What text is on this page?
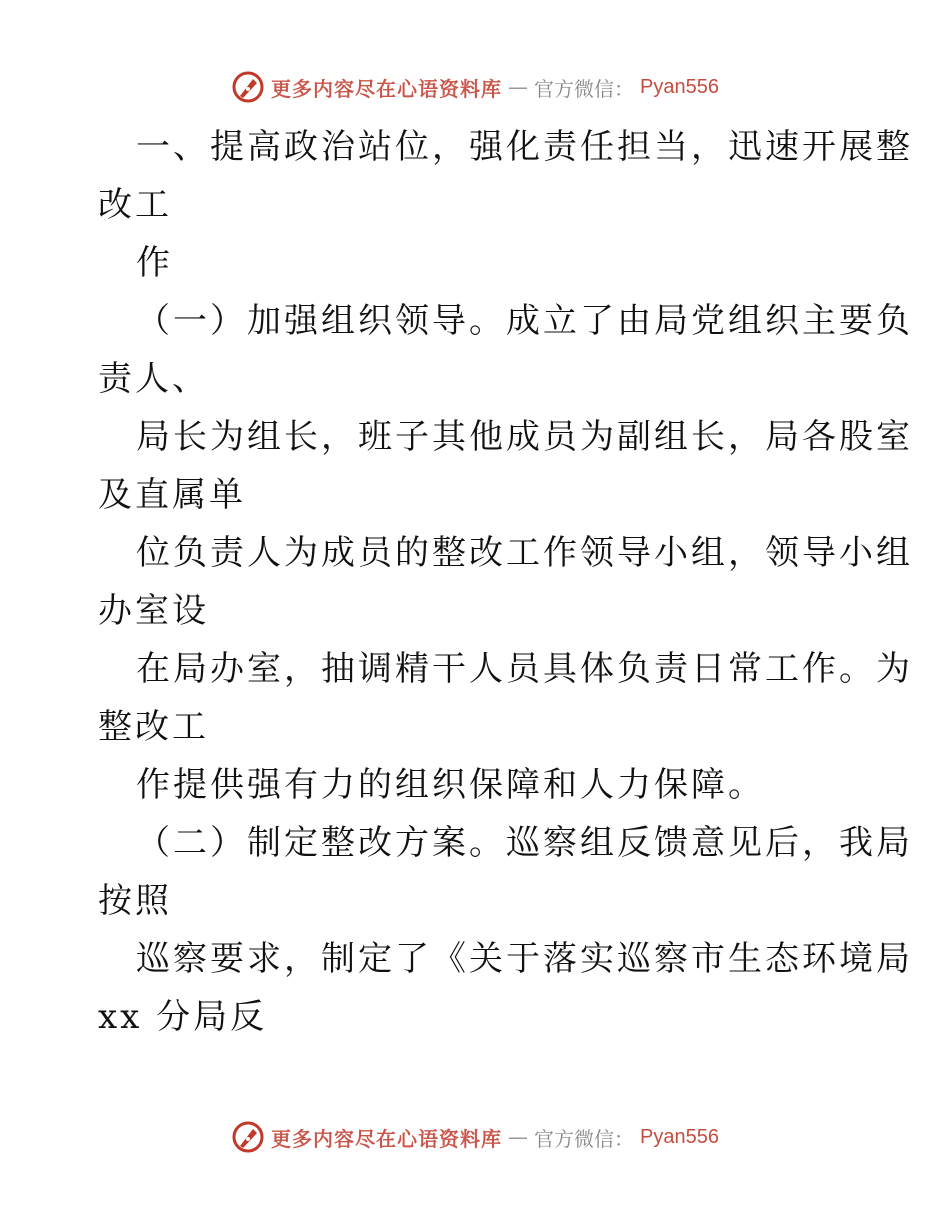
更多内容尽在心语资料库 — 官方微信： Pyan556
一、提高政治站位，强化责任担当，迅速开展整
改工
作
（一）加强组织领导。成立了由局党组织主要负
责人、
局长为组长，班子其他成员为副组长，局各股室
及直属单
位负责人为成员的整改工作领导小组，领导小组
办室设
在局办室，抽调精干人员具体负责日常工作。为
整改工
作提供强有力的组织保障和人力保障。
（二）制定整改方案。巡察组反馈意见后，我局
按照
巡察要求，制定了《关于落实巡察市生态环境局
xx 分局反
更多内容尽在心语资料库 — 官方微信： Pyan556
